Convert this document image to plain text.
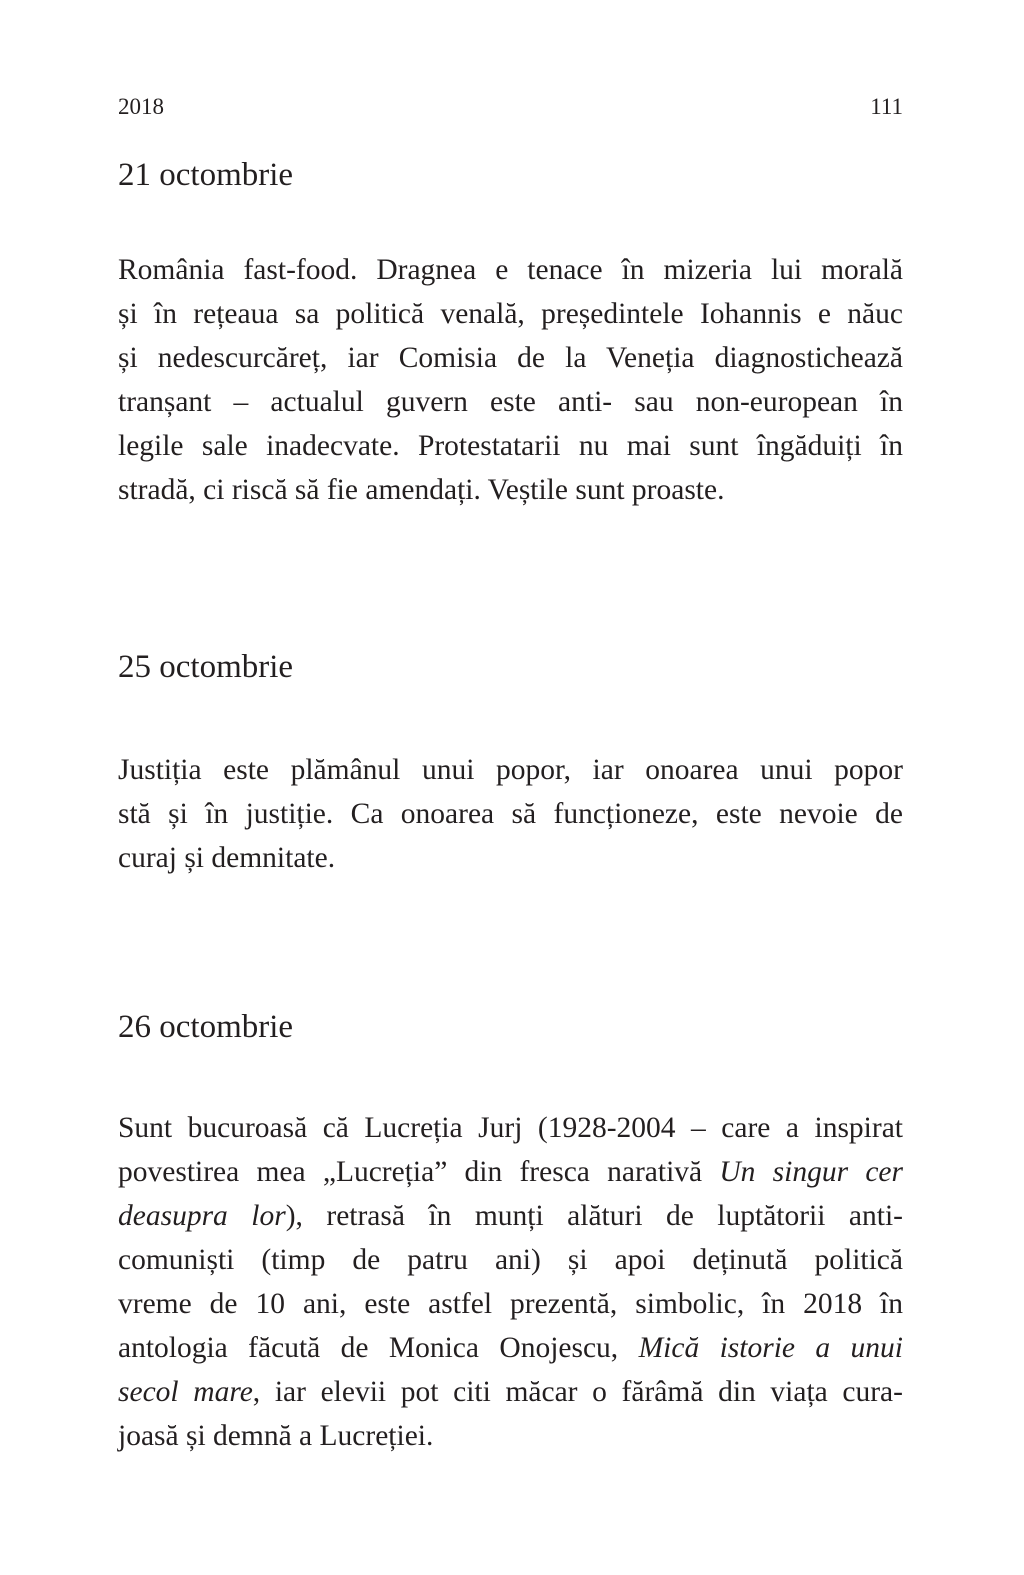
2018	111
21 octombrie
România fast-food. Dragnea e tenace în mizeria lui morală
și în rețeaua sa politică venală, președintele Iohannis e năuc
și nedescurcăreț, iar Comisia de la Veneția diagnostichează
tranșant – actualul guvern este anti- sau non-european în
legile sale inadecvate. Protestatarii nu mai sunt îngăduiți în
stradă, ci riscă să fie amendați. Veștile sunt proaste.
25 octombrie
Justiția este plămânul unui popor, iar onoarea unui popor
stă și în justiție. Ca onoarea să funcționeze, este nevoie de
curaj și demnitate.
26 octombrie
Sunt bucuroasă că Lucreția Jurj (1928-2004 – care a inspirat
povestirea mea „Lucreția” din fresca narativă Un singur cer
deasupra lor), retrasă în munți alături de luptătorii anti-
comuniști (timp de patru ani) și apoi deținută politică
vreme de 10 ani, este astfel prezentă, simbolic, în 2018 în
antologia făcută de Monica Onojescu, Mică istorie a unui
secol mare, iar elevii pot citi măcar o fărâmă din viața cura-
joasă și demnă a Lucreției.
